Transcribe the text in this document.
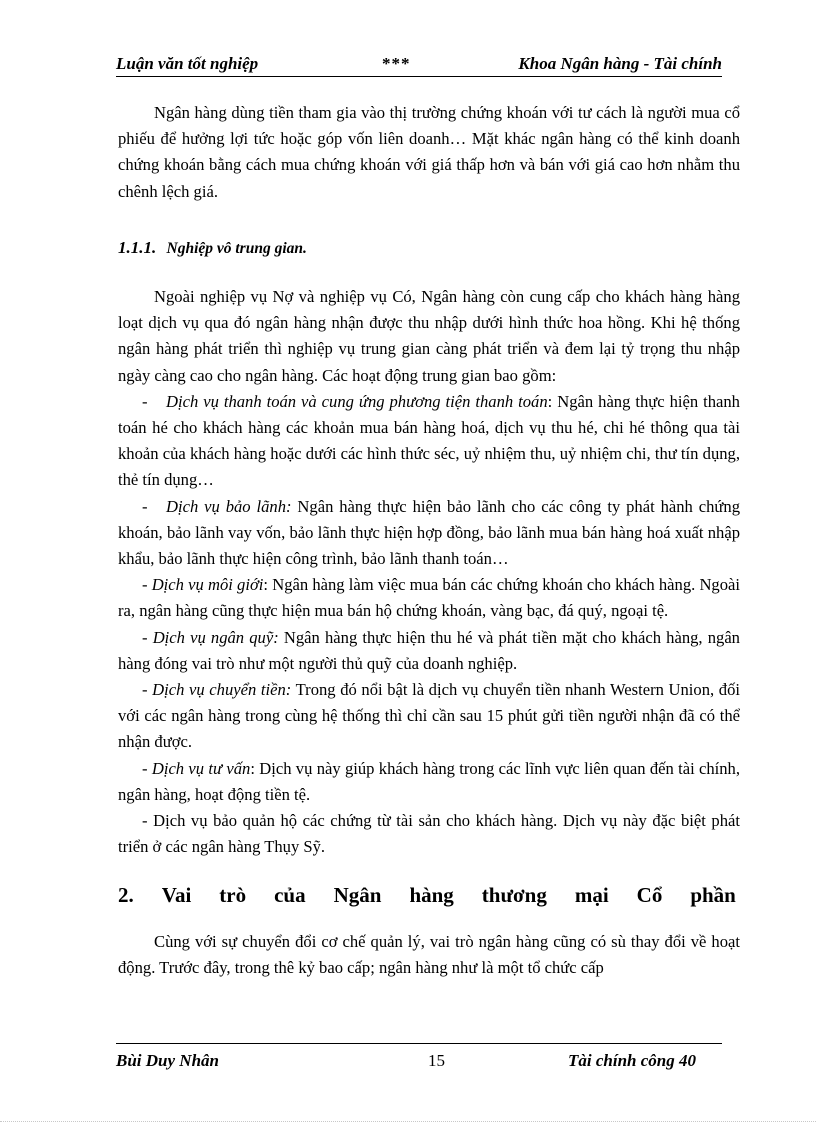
Luận văn tốt nghiệp	***	Khoa Ngân hàng - Tài chính

Ngân hàng dùng tiền tham gia vào thị trường chứng khoán với tư cách là người mua cổ phiếu để hưởng lợi tức hoặc góp vốn liên doanh… Mặt khác ngân hàng có thể kinh doanh chứng khoán bằng cách mua chứng khoán với giá thấp hơn và bán với giá cao hơn nhằm thu chênh lệch giá.

1.1.1. Nghiệp vô trung gian.

Ngoài nghiệp vụ Nợ và nghiệp vụ Có, Ngân hàng còn cung cấp cho khách hàng hàng loạt dịch vụ qua đó ngân hàng nhận được thu nhập dưới hình thức hoa hồng. Khi hệ thống ngân hàng phát triển thì nghiệp vụ trung gian càng phát triển và đem lại tỷ trọng thu nhập ngày càng cao cho ngân hàng. Các hoạt động trung gian bao gồm:

- Dịch vụ thanh toán và cung ứng phương tiện thanh toán: Ngân hàng thực hiện thanh toán hé cho khách hàng các khoản mua bán hàng hoá, dịch vụ thu hé, chi hé thông qua tài khoản của khách hàng hoặc dưới các hình thức séc, uỷ nhiệm thu, uỷ nhiệm chi, thư tín dụng, thẻ tín dụng…

- Dịch vụ bảo lãnh: Ngân hàng thực hiện bảo lãnh cho các công ty phát hành chứng khoán, bảo lãnh vay vốn, bảo lãnh thực hiện hợp đồng, bảo lãnh mua bán hàng hoá xuất nhập khẩu, bảo lãnh thực hiện công trình, bảo lãnh thanh toán…

- Dịch vụ môi giới: Ngân hàng làm việc mua bán các chứng khoán cho khách hàng. Ngoài ra, ngân hàng cũng thực hiện mua bán hộ chứng khoán, vàng bạc, đá quý, ngoại tệ.

- Dịch vụ ngân quỹ: Ngân hàng thực hiện thu hé và phát tiền mặt cho khách hàng, ngân hàng đóng vai trò như một người thủ quỹ của doanh nghiệp.

- Dịch vụ chuyển tiền: Trong đó nổi bật là dịch vụ chuyển tiền nhanh Western Union, đối với các ngân hàng trong cùng hệ thống thì chỉ cần sau 15 phút gửi tiền người nhận đã có thể nhận được.

- Dịch vụ tư vấn: Dịch vụ này giúp khách hàng trong các lĩnh vực liên quan đến tài chính, ngân hàng, hoạt động tiền tệ.

- Dịch vụ bảo quản hộ các chứng từ tài sản cho khách hàng. Dịch vụ này đặc biệt phát triển ở các ngân hàng Thụy Sỹ.

2. Vai trò của Ngân hàng thương mại Cổ phần

Cùng với sự chuyển đổi cơ chế quản lý, vai trò ngân hàng cũng có sù thay đổi về hoạt động. Trước đây, trong thê kỷ bao cấp; ngân hàng như là một tổ chức cấp

Bùi Duy Nhân	15	Tài chính công 40
